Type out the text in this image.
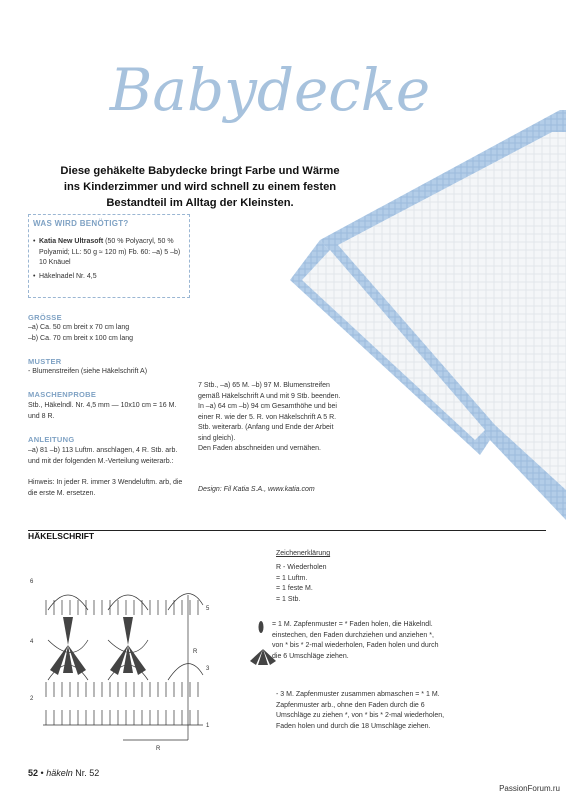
Babydecke
Diese gehäkelte Babydecke bringt Farbe und Wärme ins Kinderzimmer und wird schnell zu einem festen Bestandteil im Alltag der Kleinsten.
WAS WIRD BENÖTIGT?
• Katia New Ultrasoft (50 % Polyacryl, 50 % Polyamid; LL: 50 g ≈ 120 m) Fb. 60: –a) 5 –b) 10 Knäuel
• Häkelnadel Nr. 4,5
GRÖSSE
–a) Ca. 50 cm breit x 70 cm lang
–b) Ca. 70 cm breit x 100 cm lang
MUSTER
- Blumenstreifen (siehe Häkelschrift A)
MASCHENPROBE
Stb., Häkelndl. Nr. 4,5 mm — 10x10 cm = 16 M. und 8 R.
ANLEITUNG
–a) 81 –b) 113 Luftm. anschlagen, 4 R. Stb. arb. und mit der folgenden M.-Verteilung weiterarb.:
Hinweis: In jeder R. immer 3 Wendeluftm. arb, die die erste M. ersetzen.
7 Stb., –a) 65 M. –b) 97 M. Blumenstreifen gemäß Häkelschrift A und mit 9 Stb. beenden.
In –a) 64 cm –b) 94 cm Gesamthöhe und bei einer R. wie der 5. R. von Häkelschrift A 5 R. Stb. weiterarb. (Anfang und Ende der Arbeit sind gleich).
Den Faden abschneiden und vernähen.
Design: Fil Katia S.A., www.katia.com
HÄKELSCHRIFT
6
4
2
5
3
1
R
R
Zeichenerklärung
R - Wiederholen
= 1 Luftm.
= 1 feste M.
= 1 Stb.
= 1 M. Zapfenmuster = * Faden holen, die Häkelndl. einstechen, den Faden durchziehen und anziehen *, von * bis * 2-mal wiederholen, Faden holen und durch die 6 Umschläge ziehen.
- 3 M. Zapfenmuster zusammen abmaschen = * 1 M. Zapfenmuster arb., ohne den Faden durch die 6 Umschläge zu ziehen *, von * bis * 2-mal wiederholen, Faden holen und durch die 18 Umschläge ziehen.
52 • häkeln Nr. 52
PassionForum.ru
